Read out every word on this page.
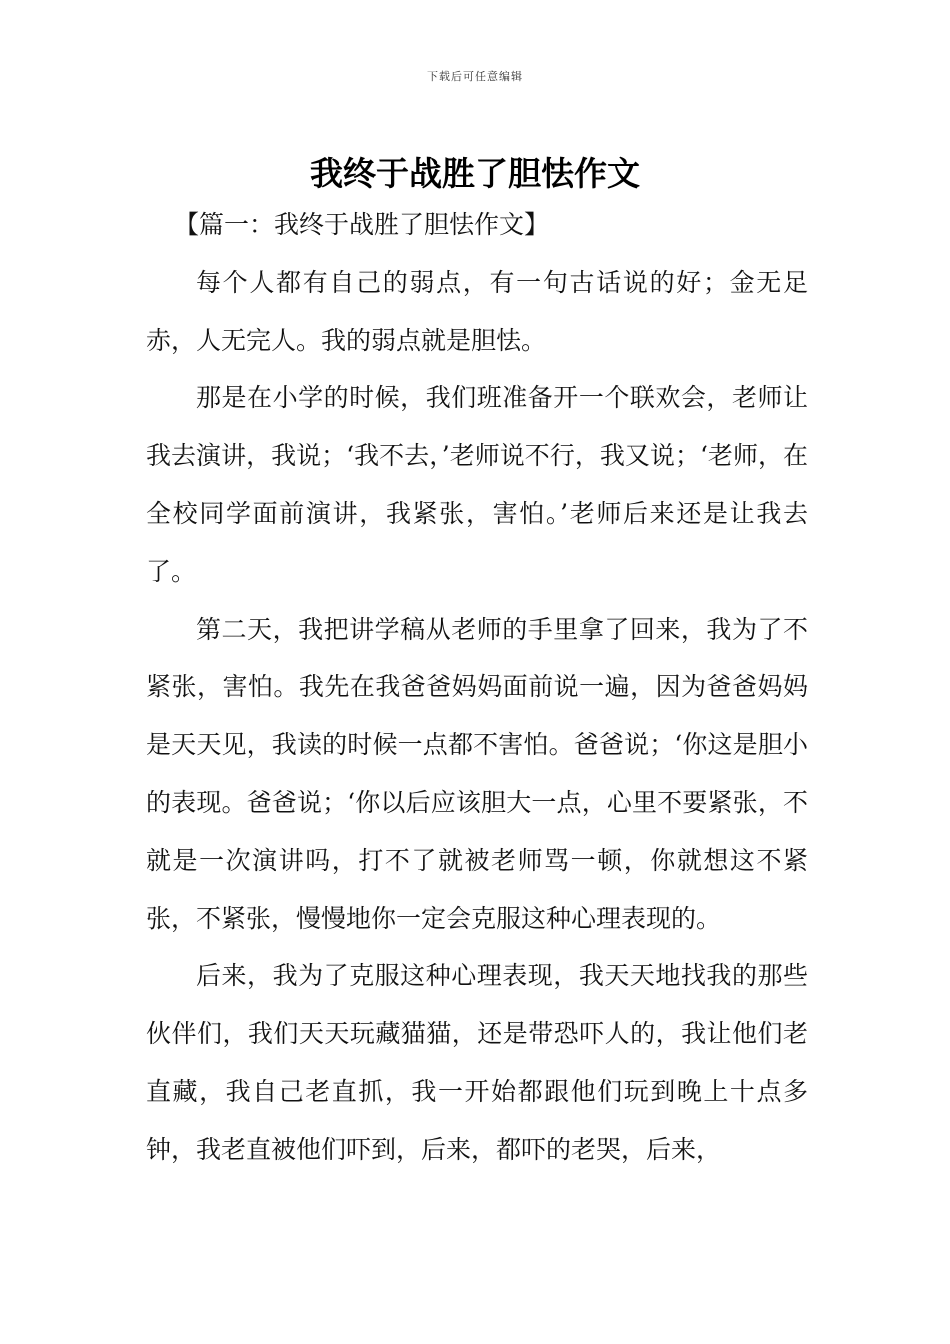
下载后可任意编辑
我终于战胜了胆怯作文

【篇一：我终于战胜了胆怯作文】

每个人都有自己的弱点，有一句古话说的好；金无足赤，人无完人。我的弱点就是胆怯。

那是在小学的时候，我们班准备开一个联欢会，老师让我去演讲，我说；‘我不去，’老师说不行，我又说；‘老师，在全校同学面前演讲，我紧张，害怕。’老师后来还是让我去了。

第二天，我把讲学稿从老师的手里拿了回来，我为了不紧张，害怕。我先在我爸爸妈妈面前说一遍，因为爸爸妈妈是天天见，我读的时候一点都不害怕。爸爸说；‘你这是胆小的表现。爸爸说；‘你以后应该胆大一点，心里不要紧张，不就是一次演讲吗，打不了就被老师骂一顿，你就想这不紧张，不紧张，慢慢地你一定会克服这种心理表现的。

后来，我为了克服这种心理表现，我天天地找我的那些伙伴们，我们天天玩藏猫猫，还是带恐吓人的，我让他们老直藏，我自己老直抓，我一开始都跟他们玩到晚上十点多钟，我老直被他们吓到，后来，都吓的老哭，后来，
